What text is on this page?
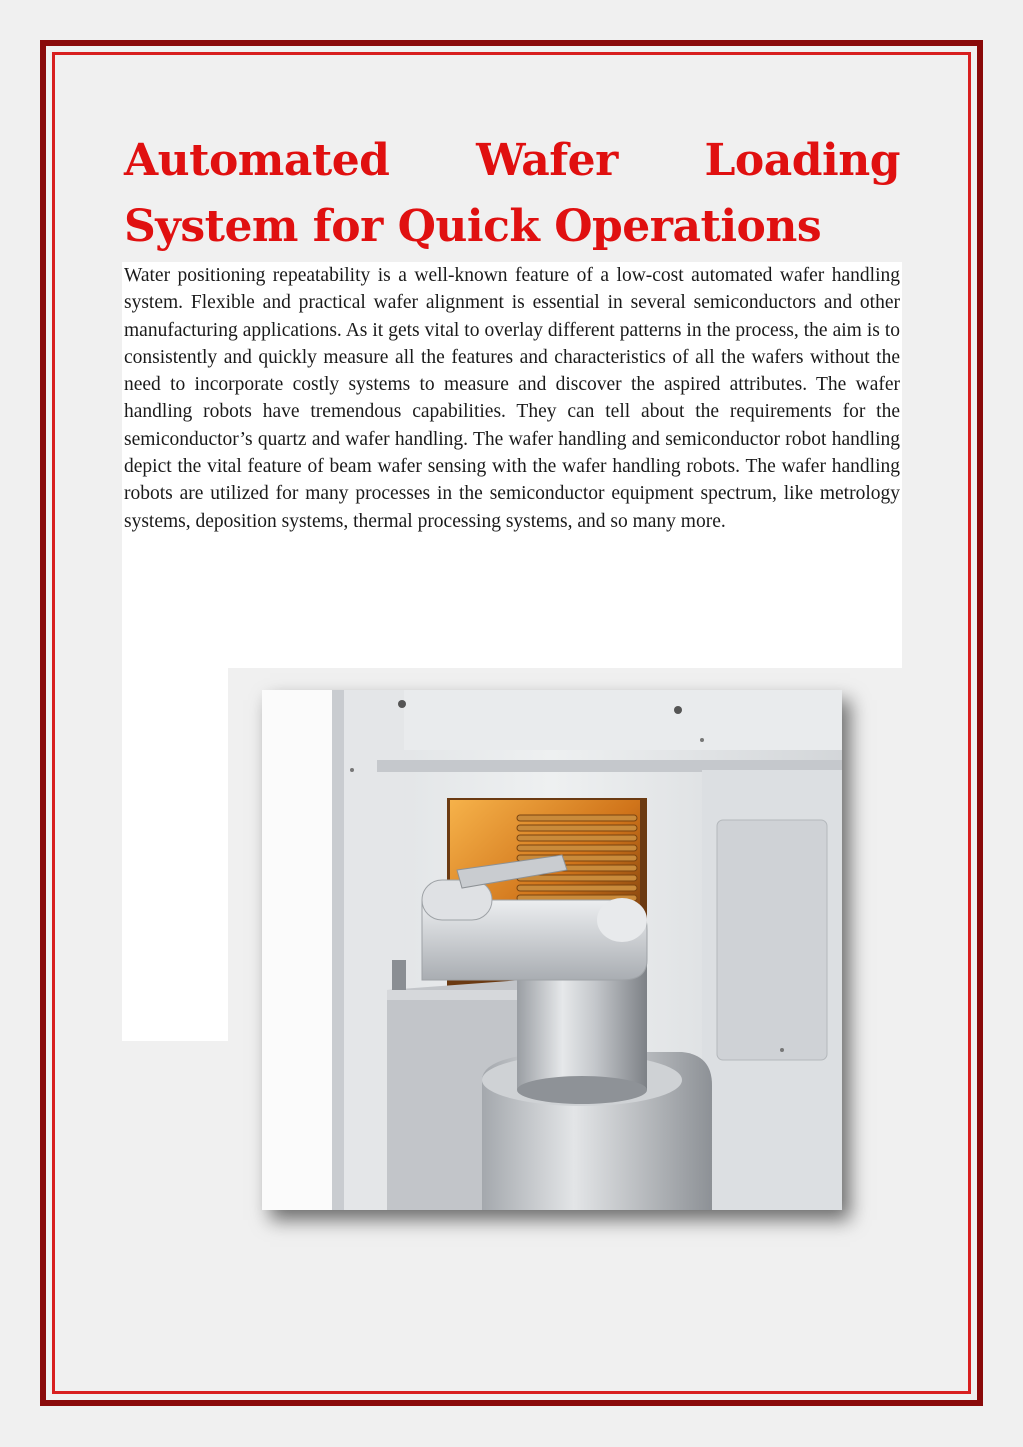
Automated Wafer Loading System for Quick Operations

Water positioning repeatability is a well-known feature of a low-cost automated wafer handling system. Flexible and practical wafer alignment is essential in several semiconductors and other manufacturing applications. As it gets vital to overlay different patterns in the process, the aim is to consistently and quickly measure all the features and characteristics of all the wafers without the need to incorporate costly systems to measure and discover the aspired attributes. The wafer handling robots have tremendous capabilities. They can tell about the requirements for the semiconductor’s quartz and wafer handling. The wafer handling and semiconductor robot handling depict the vital feature of beam wafer sensing with the wafer handling robots. The wafer handling robots are utilized for many processes in the semiconductor equipment spectrum, like metrology systems, deposition systems, thermal processing systems, and so many more.
